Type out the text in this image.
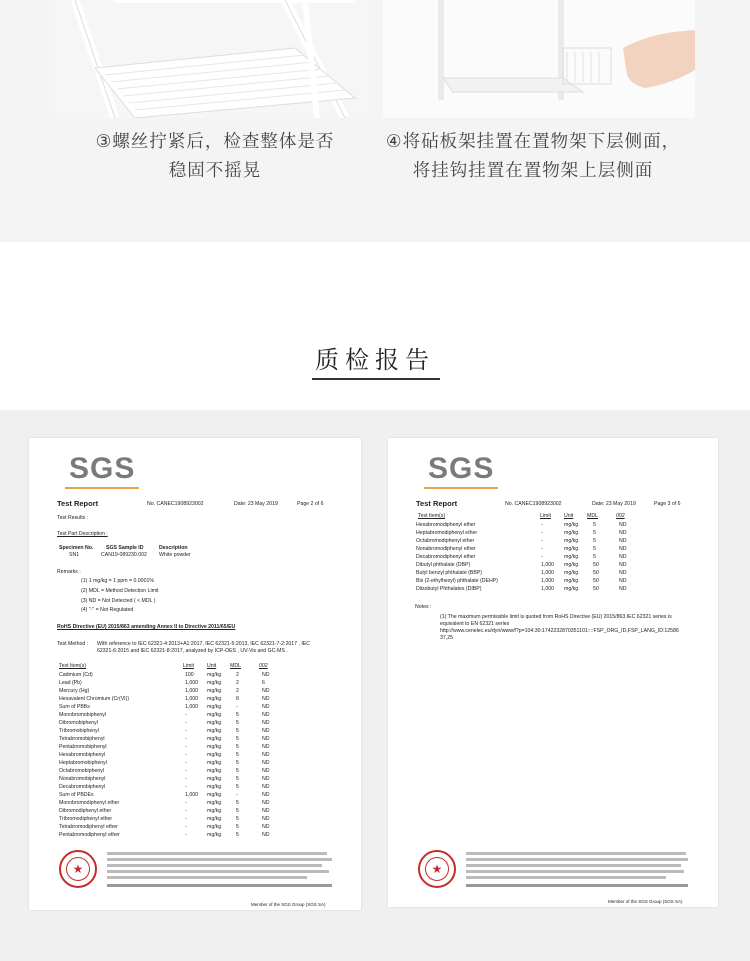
③螺丝拧紧后，检查整体是否
稳固不摇晃
④将砧板架挂置在置物架下层侧面，
将挂钩挂置在置物架上层侧面
质检报告
SGS
Test Report	No. CANEC1908923002	Date: 23 May 2019	Page 2 of 6
Test Results :
Test Part Description :
Specimen No. SGS Sample ID	Description
SN1	CAN19-089230.002 White powder
Remarks :
(1) 1 mg/kg = 1 ppm = 0.0001%
(2) MDL = Method Detection Limit
(3) ND = Not Detected ( < MDL )
(4) "-" = Not Regulated
RoHS Directive (EU) 2015/863 amending Annex II to Directive 2011/65/EU
Test Method : With reference to IEC 62321-4:2013+A1:2017, IEC 62321-5:2013, IEC 62321-7-2:2017 , IEC
62321-6:2015 and IEC 62321-8:2017, analyzed by ICP-OES , UV-Vis and GC-MS .
Test Item(s)	Limit	Unit	MDL	002
Cadmium (Cd)	100	mg/kg	2	ND
Lead (Pb)	1,000 mg/kg	2	6
Mercury (Hg)	1,000 mg/kg	2	ND
Hexavalent Chromium (Cr(VI))	1,000 mg/kg	8	ND
Sum of PBBs	1,000 mg/kg	-	ND
Monobromobiphenyl	-	mg/kg	5	ND
Dibromobiphenyl	-	mg/kg	5	ND
Tribromobiphenyl	-	mg/kg	5	ND
Tetrabromobiphenyl	-	mg/kg	5	ND
Pentabromobiphenyl	-	mg/kg	5	ND
Hexabromobiphenyl	-	mg/kg	5	ND
Heptabromobiphenyl	-	mg/kg	5	ND
Octabromobiphenyl	-	mg/kg	5	ND
Nonabromobiphenyl	-	mg/kg	5	ND
Decabromobiphenyl	-	mg/kg	5	ND
Sum of PBDEs	1,000 mg/kg	-	ND
Monobromodiphenyl ether	-	mg/kg	5	ND
Dibromodiphenyl ether	-	mg/kg	5	ND
Tribromodiphenyl ether	-	mg/kg	5	ND
Tetrabromodiphenyl ether	-	mg/kg	5	ND
Pentabromodiphenyl ether	-	mg/kg	5	ND
★
Member of the SGS Group (SGS SA)
SGS
Test Report	No. CANEC1908923002	Date: 23 May 2019	Page 3 of 6
Test Item(s)	Limit	Unit	MDL	002
Hexabromodiphenyl ether	-	mg/kg	5	ND
Heptabromodiphenyl ether	-	mg/kg	5	ND
Octabromodiphenyl ether	-	mg/kg	5	ND
Nonabromodiphenyl ether	-	mg/kg	5	ND
Decabromodiphenyl ether	-	mg/kg	5	ND
Dibutyl phthalate (DBP)	1,000 mg/kg	50	ND
Butyl benzyl phthalate (BBP)	1,000 mg/kg	50	ND
Bis (2-ethylhexyl) phthalate (DEHP)	1,000 mg/kg	50	ND
Diisobutyl Phthalates (DIBP)	1,000 mg/kg	50	ND
Notes :
(1) The maximum permissible limit is quoted from RoHS Directive (EU) 2015/863.IEC 62321 series is
equivalent to EN 62321 series
http://www.cenelec.eu/dyn/www/f?p=104:30:1742232870351101::::FSP_ORG_ID,FSP_LANG_ID:12586
37,25
★
Member of the SGS Group (SGS SA)
